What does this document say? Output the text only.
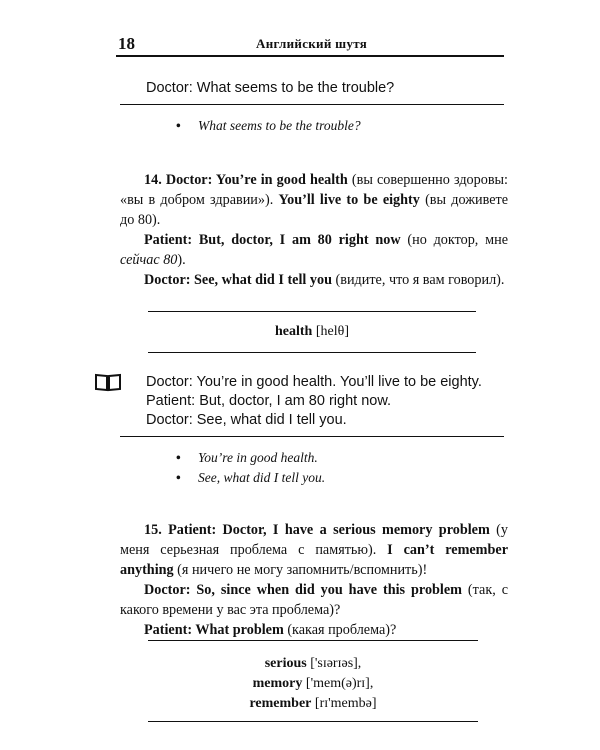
18	Английский шутя
Doctor: What seems to be the trouble?
• What seems to be the trouble?

14. Doctor: You’re in good health (вы совершенно здоровы: «вы в добром здравии»). You’ll live to be eighty (вы доживете до 80).

Patient: But, doctor, I am 80 right now (но доктор, мне сейчас 80).

Doctor: See, what did I tell you (видите, что я вам говорил).

health [helθ]
Doctor: You’re in good health. You’ll live to be eighty.
Patient: But, doctor, I am 80 right now.
Doctor: See, what did I tell you.
• You’re in good health.
• See, what did I tell you.

15. Patient: Doctor, I have a serious memory problem (у меня серьезная проблема с памятью). I can’t remember anything (я ничего не могу запомнить/вспомнить)!

Doctor: So, since when did you have this problem (так, с какого времени у вас эта проблема)?

Patient: What problem (какая проблема)?

serious ['sɪərɪəs],
memory ['mem(ə)rɪ],
remember [rɪ'membə]
